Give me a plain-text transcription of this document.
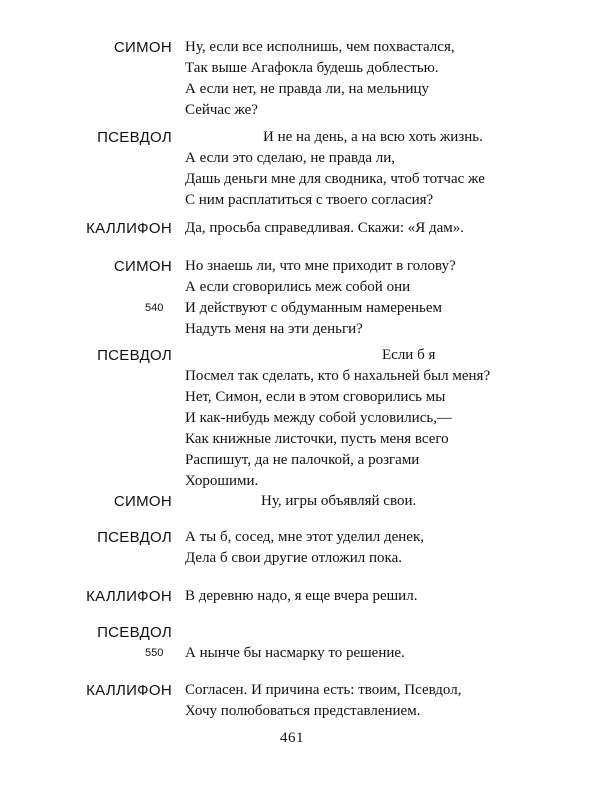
СИМОН Ну, если все исполнишь, чем похвастался,
Так выше Агафокла будешь доблестью.
А если нет, не правда ли, на мельницу
Сейчас же?
ПСЕВДОЛ	И не на день, а на всю хоть жизнь.
А если это сделаю, не правда ли,
Дашь деньги мне для сводника, чтоб тотчас же
С ним расплатиться с твоего согласия?
КАЛЛИФОН Да, просьба справедливая. Скажи: «Я дам».
СИМОН Но знаешь ли, что мне приходит в голову?
А если сговорились меж собой они
540 И действуют с обдуманным намереньем
Надуть меня на эти деньги?
ПСЕВДОЛ	Если б я
Посмел так сделать, кто б нахальней был меня?
Нет, Симон, если в этом сговорились мы
И как-нибудь между собой условились,—
Как книжные листочки, пусть меня всего
Распишут, да не палочкой, а розгами
Хорошими.
СИМОН	Ну, игры объявляй свои.
ПСЕВДОЛ А ты б, сосед, мне этот уделил денек,
Дела б свои другие отложил пока.
КАЛЛИФОН В деревню надо, я еще вчера решил.
ПСЕВДОЛ
550 А нынче бы насмарку то решение.
КАЛЛИФОН Согласен. И причина есть: твоим, Псевдол,
Хочу полюбоваться представлением.
461
